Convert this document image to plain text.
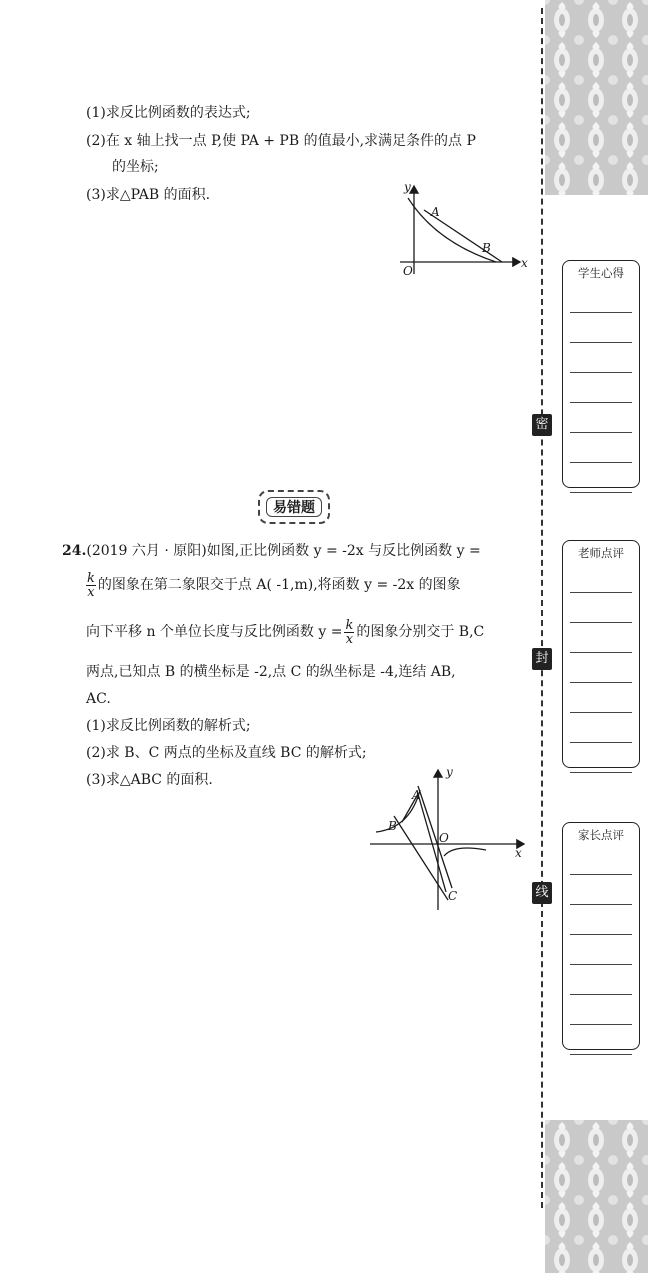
(1)求反比例函数的表达式;
(2)在 x 轴上找一点 P,使 PA + PB 的值最小,求满足条件的点 P
的坐标;
(3)求△PAB 的面积.	y
x
O
A
B
易错题
24.(2019 六月 · 原阳)如图,正比例函数 y = -2x 与反比例函数 y =
$\frac{k}{x}$ 的图象在第二象限交于点 A( -1,m),将函数 y = -2x 的图象
向下平移 n 个单位长度与反比例函数 $y = \frac{k}{x}$ 的图象分别交于 B,C
两点,已知点 B 的横坐标是 -2,点 C 的纵坐标是 -4,连结 AB,
AC.
(1)求反比例函数的解析式;
(2)求 B、C 两点的坐标及直线 BC 的解析式;
(3)求△ABC 的面积.	y
x
O
A
B
C
密
封
线
学生心得
老师点评
家长点评
